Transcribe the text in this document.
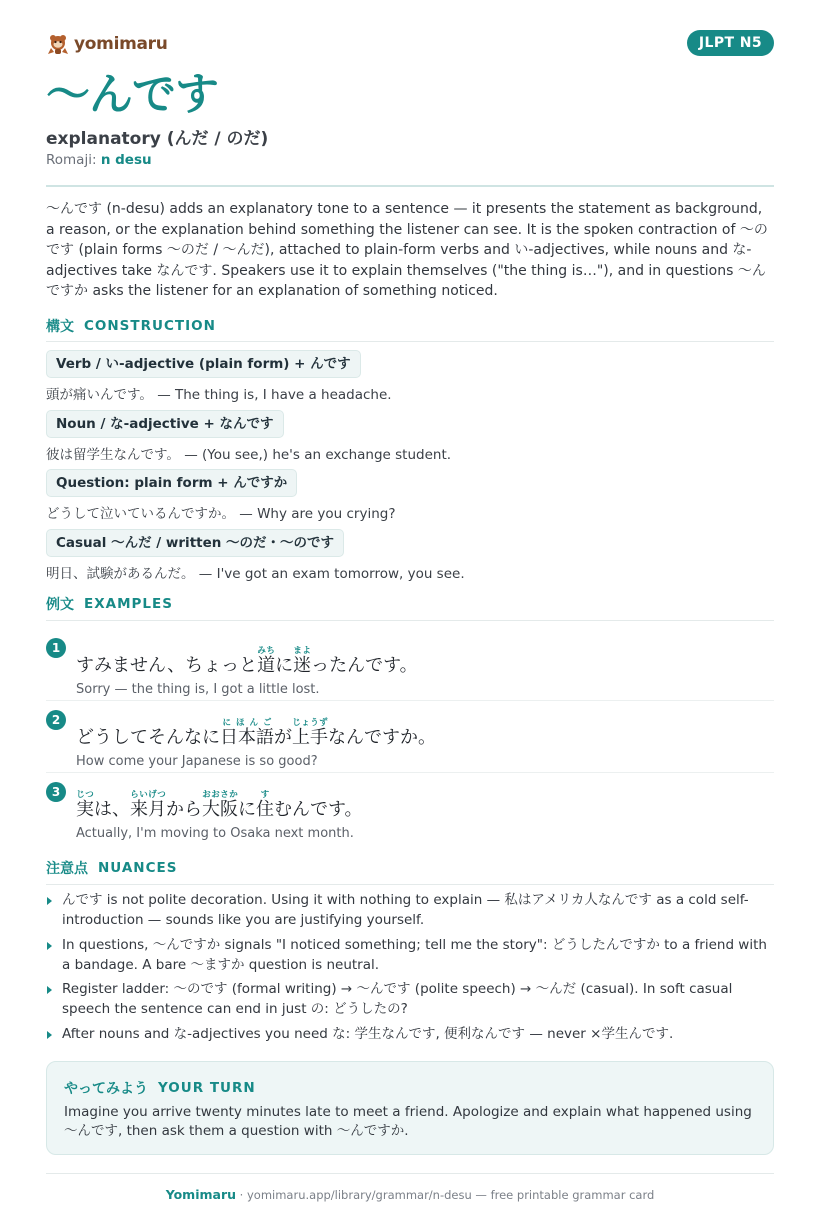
yomimaru	JLPT N5
〜んです
explanatory (んだ / のだ)
Romaji: n desu

〜んです (n-desu) adds an explanatory tone to a sentence — it presents the statement as background, a reason, or the explanation behind something the listener can see. It is the spoken contraction of 〜のです (plain forms 〜のだ / 〜んだ), attached to plain-form verbs and い-adjectives, while nouns and な-adjectives take なんです. Speakers use it to explain themselves ("the thing is…"), and in questions 〜んですか asks the listener for an explanation of something noticed.

構文 CONSTRUCTION
Verb / い-adjective (plain form) + んです
頭が痛いんです。 — The thing is, I have a headache.
Noun / な-adjective + なんです
彼は留学生なんです。 — (You see,) he's an exchange student.
Question: plain form + んですか
どうして泣いているんですか。 — Why are you crying?
Casual 〜んだ / written 〜のだ・〜のです
明日、試験があるんだ。 — I've got an exam tomorrow, you see.
例文 EXAMPLES
1
すみません、ちょっと道みちに迷まよったんです。
Sorry — the thing is, I got a little lost.
2
どうしてそんなに日本語にほんごが上手じょうずなんですか。
How come your Japanese is so good?
3
実じつは、来月らいげつから大阪おおさかに住すむんです。
Actually, I'm moving to Osaka next month.
注意点 NUANCES
んです is not polite decoration. Using it with nothing to explain — 私はアメリカ人なんです as a cold self-introduction — sounds like you are justifying yourself.
In questions, 〜んですか signals "I noticed something; tell me the story": どうしたんですか to a friend with a bandage. A bare 〜ますか question is neutral.
Register ladder: 〜のです (formal writing) → 〜んです (polite speech) → 〜んだ (casual). In soft casual speech the sentence can end in just の: どうしたの?
After nouns and な-adjectives you need な: 学生なんです, 便利なんです — never ×学生んです.
やってみよう YOUR TURN
Imagine you arrive twenty minutes late to meet a friend. Apologize and explain what happened using 〜んです, then ask them a question with 〜んですか.
Yomimaru · yomimaru.app/library/grammar/n-desu — free printable grammar card
